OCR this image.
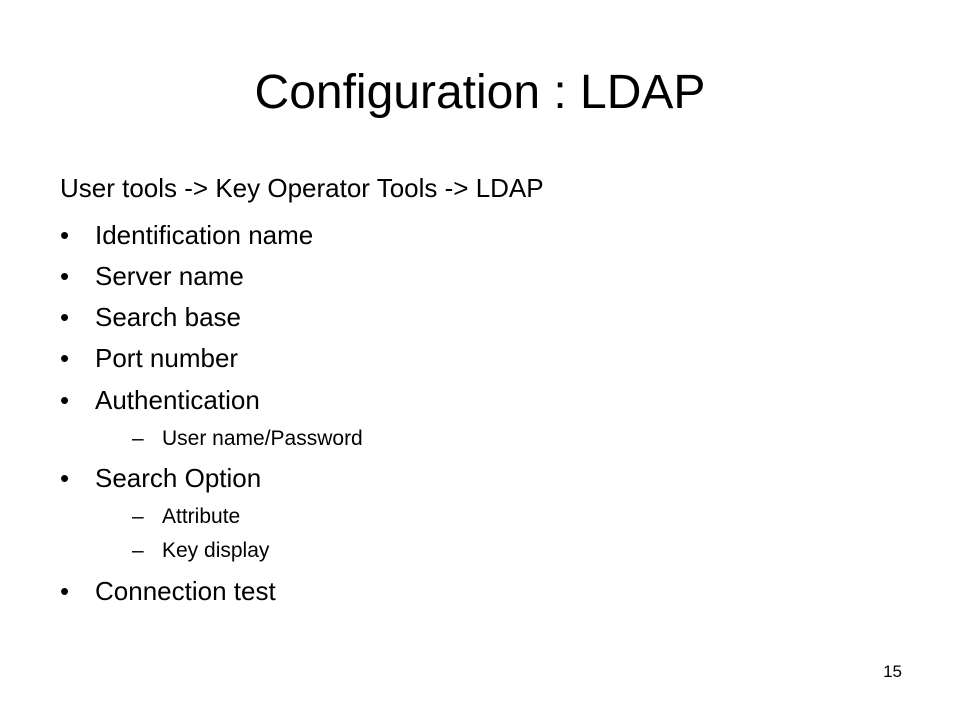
Configuration : LDAP

User tools -> Key Operator Tools -> LDAP

• Identification name
• Server name
• Search base
• Port number
• Authentication
– User name/Password
• Search Option
– Attribute
– Key display
• Connection test
15
